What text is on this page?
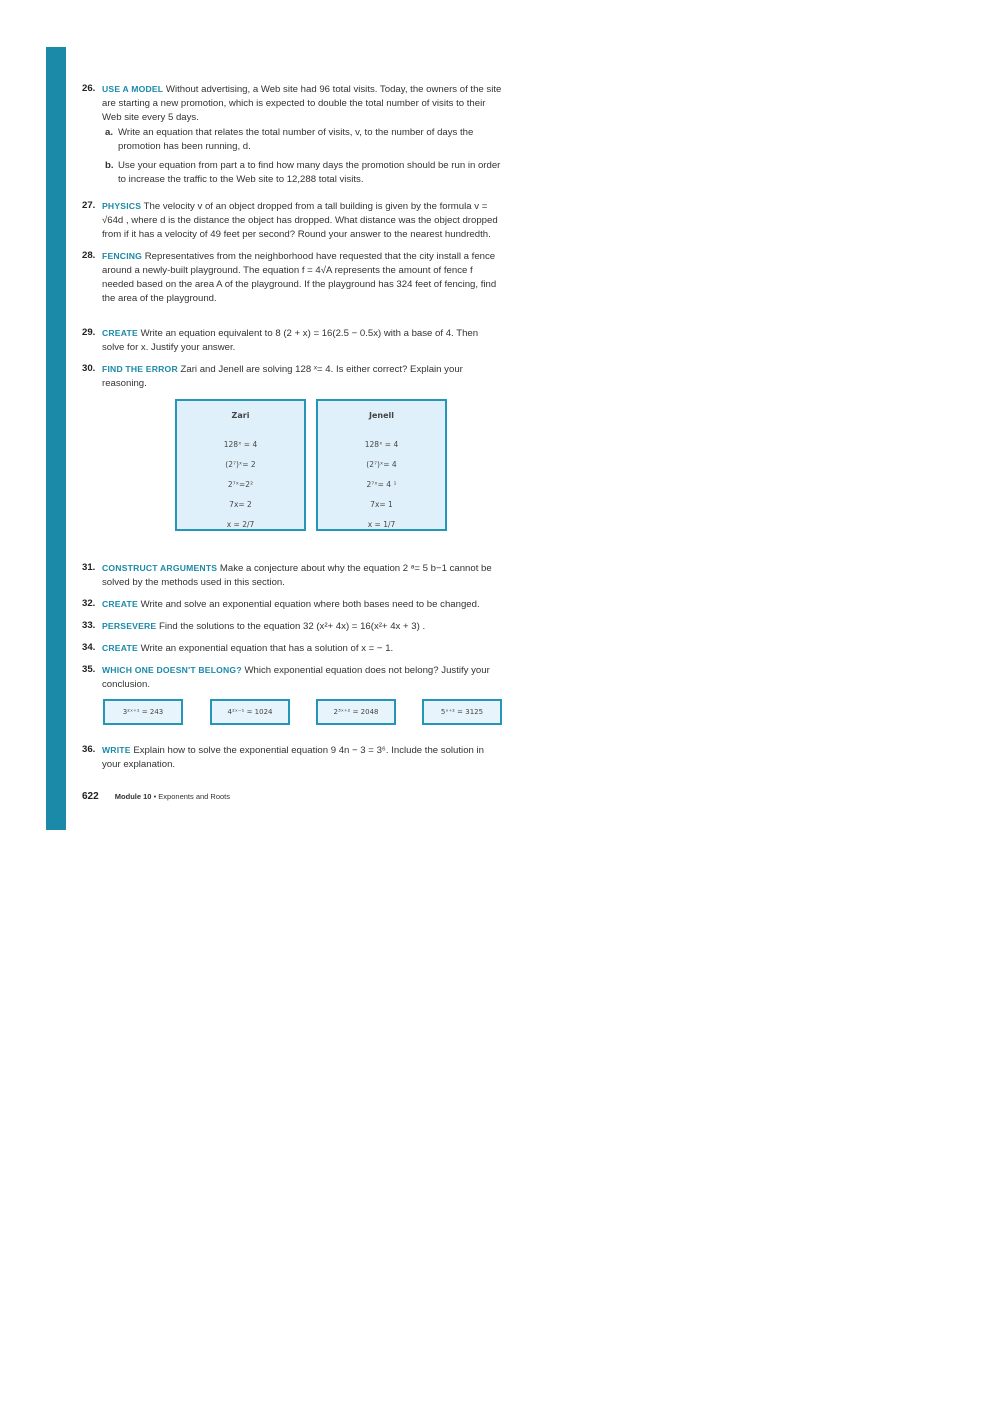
26. USE A MODEL Without advertising, a Web site had 96 total visits. Today, the owners of the site are starting a new promotion, which is expected to double the total number of visits to their Web site every 5 days.
a. Write an equation that relates the total number of visits, v, to the number of days the promotion has been running, d.
b. Use your equation from part a to find how many days the promotion should be run in order to increase the traffic to the Web site to 12,288 total visits.
27. PHYSICS The velocity v of an object dropped from a tall building is given by the formula v = √64d , where d is the distance the object has dropped. What distance was the object dropped from if it has a velocity of 49 feet per second? Round your answer to the nearest hundredth.
28. FENCING Representatives from the neighborhood have requested that the city install a fence around a newly-built playground. The equation f = 4√A represents the amount of fence f needed based on the area A of the playground. If the playground has 324 feet of fencing, find the area of the playground.
29. CREATE Write an equation equivalent to 8 (2 + x) = 16(2.5 − 0.5x) with a base of 4. Then solve for x. Justify your answer.
30. FIND THE ERROR Zari and Jenell are solving 128 ˣ= 4. Is either correct? Explain your reasoning.
Zari
128ˣ = 4
(2⁷)ˣ= 2
2⁷ˣ=2²
7x= 2
x = 2/7
Jenell
128ˣ = 4
(2⁷)ˣ= 4
2⁷ˣ= 4 ¹
7x= 1
x = 1/7
31. CONSTRUCT ARGUMENTS Make a conjecture about why the equation 2 ᵃ= 5 b−1 cannot be solved by the methods used in this section.
32. CREATE Write and solve an exponential equation where both bases need to be changed.
33. PERSEVERE Find the solutions to the equation 32 (x²+ 4x) = 16(x²+ 4x + 3) .
34. CREATE Write an exponential equation that has a solution of x = − 1.
35. WHICH ONE DOESN'T BELONG? Which exponential equation does not belong? Justify your conclusion.
3²ˣ⁺¹ = 243	4²ˣ⁻¹ = 1024	2³ˣ⁺² = 2048	5ˣ⁺² = 3125
36. WRITE Explain how to solve the exponential equation 9 4n − 3 = 3⁶. Include the solution in your explanation.
622 Module 10 • Exponents and Roots
